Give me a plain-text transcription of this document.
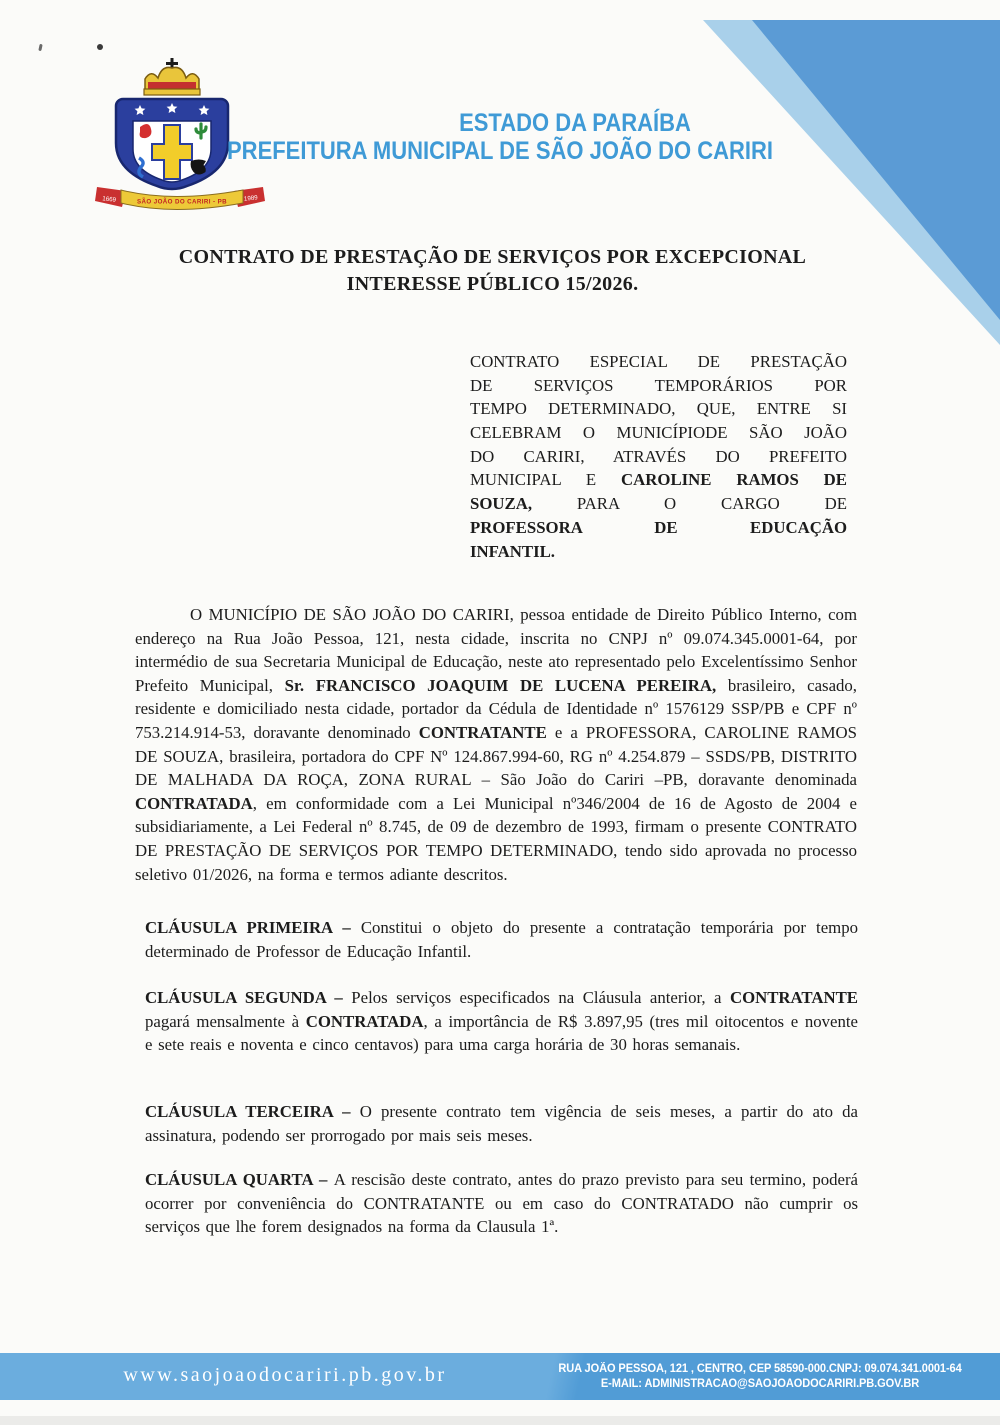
1669	1989
SÃO JOÃO DO CARIRI - PB
ESTADO DA PARAÍBA
PREFEITURA MUNICIPAL DE SÃO JOÃO DO CARIRI
CONTRATO DE PRESTAÇÃO DE SERVIÇOS POR EXCEPCIONAL
INTERESSE PÚBLICO 15/2026.
CONTRATO ESPECIAL DE PRESTAÇÃO
DE SERVIÇOS TEMPORÁRIOS POR
TEMPO DETERMINADO, QUE, ENTRE SI
CELEBRAM O MUNICÍPIODE SÃO JOÃO
DO CARIRI, ATRAVÉS DO PREFEITO
MUNICIPAL E CAROLINE RAMOS DE
SOUZA, PARA O CARGO DE
PROFESSORA DE EDUCAÇÃO
INFANTIL.
O MUNICÍPIO DE SÃO JOÃO DO CARIRI, pessoa entidade de Direito Público Interno, com endereço na Rua João Pessoa, 121, nesta cidade, inscrita no CNPJ nº 09.074.345.0001-64, por intermédio de sua Secretaria Municipal de Educação, neste ato representado pelo Excelentíssimo Senhor Prefeito Municipal, Sr. FRANCISCO JOAQUIM DE LUCENA PEREIRA, brasileiro, casado, residente e domiciliado nesta cidade, portador da Cédula de Identidade nº 1576129 SSP/PB e CPF nº 753.214.914-53, doravante denominado CONTRATANTE e a PROFESSORA, CAROLINE RAMOS DE SOUZA, brasileira, portadora do CPF Nº 124.867.994-60, RG nº 4.254.879 – SSDS/PB, DISTRITO DE MALHADA DA ROÇA, ZONA RURAL – São João do Cariri –PB, doravante denominada CONTRATADA, em conformidade com a Lei Municipal nº346/2004 de 16 de Agosto de 2004 e subsidiariamente, a Lei Federal nº 8.745, de 09 de dezembro de 1993, firmam o presente CONTRATO DE PRESTAÇÃO DE SERVIÇOS POR TEMPO DETERMINADO, tendo sido aprovada no processo seletivo 01/2026, na forma e termos adiante descritos.
CLÁUSULA PRIMEIRA – Constitui o objeto do presente a contratação temporária por tempo determinado de Professor de Educação Infantil.
CLÁUSULA SEGUNDA – Pelos serviços especificados na Cláusula anterior, a CONTRATANTE pagará mensalmente à CONTRATADA, a importância de R$ 3.897,95 (tres mil oitocentos e novente e sete reais e noventa e cinco centavos) para uma carga horária de 30 horas semanais.
CLÁUSULA TERCEIRA – O presente contrato tem vigência de seis meses, a partir do ato da assinatura, podendo ser prorrogado por mais seis meses.
CLÁUSULA QUARTA – A rescisão deste contrato, antes do prazo previsto para seu termino, poderá ocorrer por conveniência do CONTRATANTE ou em caso do CONTRATADO não cumprir os serviços que lhe forem designados na forma da Clausula 1ª.
www.saojoaodocariri.pb.gov.br	RUA JOÃO PESSOA, 121 , CENTRO, CEP 58590-000.CNPJ: 09.074.341.0001-64
E-MAIL: ADMINISTRACAO@SAOJOAODOCARIRI.PB.GOV.BR
